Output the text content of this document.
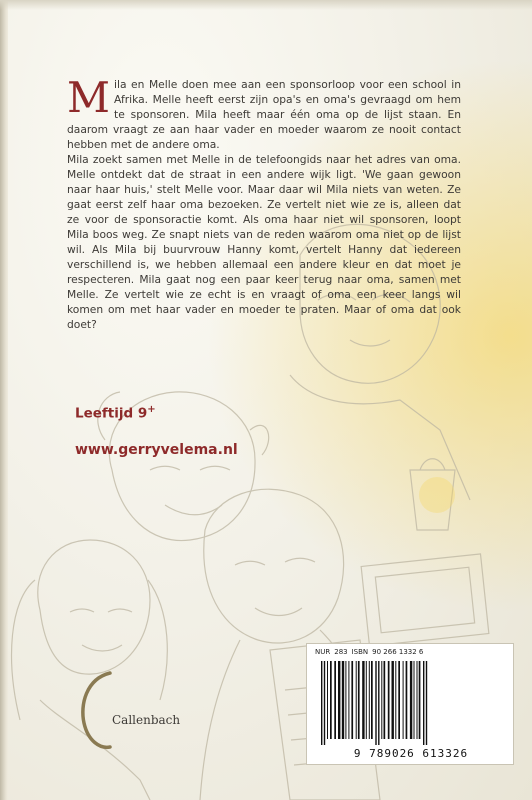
M ila en Melle doen mee aan een sponsorloop voor een school in Afrika. Melle heeft eerst zijn opa's en oma's gevraagd om hem te sponsoren. Mila heeft maar één oma op de lijst staan. En daarom vraagt ze aan haar vader en moeder waarom ze nooit contact hebben met de andere oma.

Mila zoekt samen met Melle in de telefoongids naar het adres van oma. Melle ontdekt dat de straat in een andere wijk ligt. 'We gaan gewoon naar haar huis,' stelt Melle voor. Maar daar wil Mila niets van weten. Ze gaat eerst zelf haar oma bezoeken. Ze vertelt niet wie ze is, alleen dat ze voor de sponsoractie komt. Als oma haar niet wil sponsoren, loopt Mila boos weg. Ze snapt niets van de reden waarom oma niet op de lijst wil. Als Mila bij buurvrouw Hanny komt, vertelt Hanny dat iedereen verschillend is, we hebben allemaal een andere kleur en dat moet je respecteren. Mila gaat nog een paar keer terug naar oma, samen met Melle. Ze vertelt wie ze echt is en vraagt of oma een keer langs wil komen om met haar vader en moeder te praten. Maar of oma dat ook doet?

Leeftijd 9+
www.gerryvelema.nl
Callenbach
NUR 283 ISBN 90 266 1332 6
9 789026 613326
